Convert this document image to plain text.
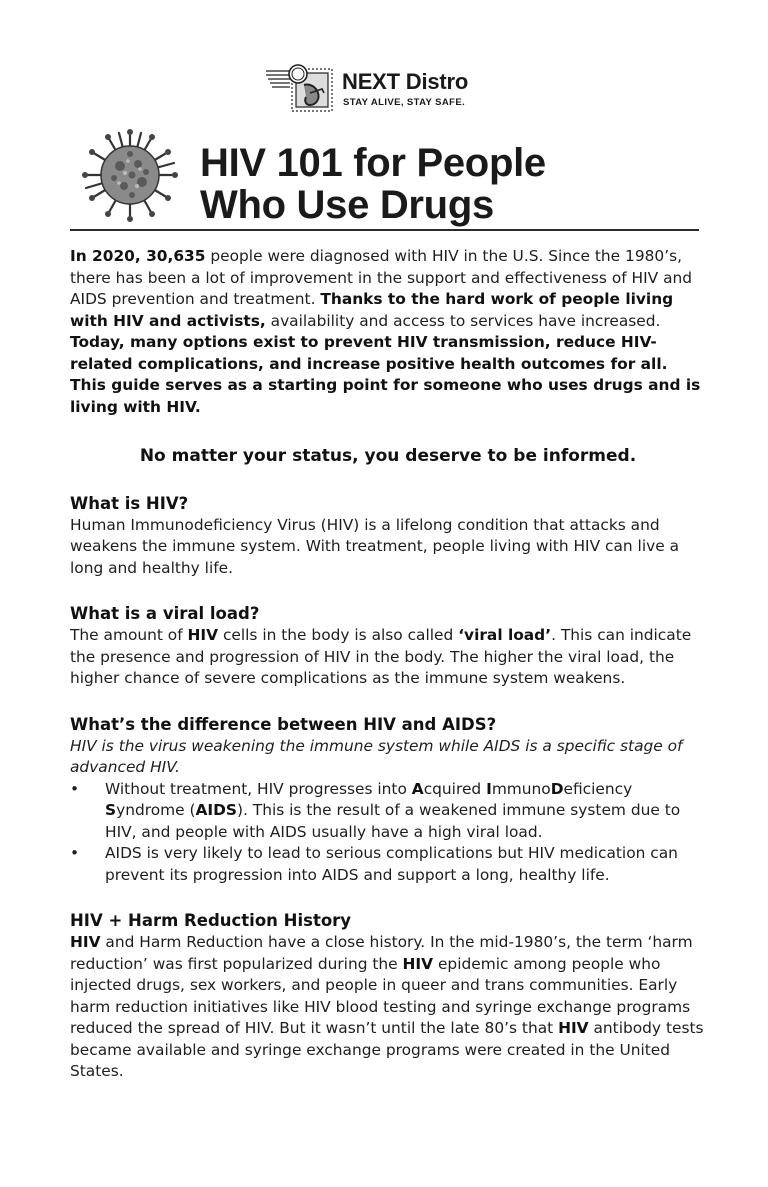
NEXT Distro
STAY ALIVE, STAY SAFE.
HIV 101 for People
Who Use Drugs

In 2020, 30,635 people were diagnosed with HIV in the U.S. Since the 1980’s, there has been a lot of improvement in the support and effectiveness of HIV and AIDS prevention and treatment. Thanks to the hard work of people living with HIV and activists, availability and access to services have increased. Today, many options exist to prevent HIV transmission, reduce HIV-related complications, and increase positive health outcomes for all. This guide serves as a starting point for someone who uses drugs and is living with HIV.

No matter your status, you deserve to be informed.

What is HIV?

Human Immunodeficiency Virus (HIV) is a lifelong condition that attacks and weakens the immune system. With treatment, people living with HIV can live a long and healthy life.

What is a viral load?

The amount of HIV cells in the body is also called ‘viral load’. This can indicate the presence and progression of HIV in the body. The higher the viral load, the higher chance of severe complications as the immune system weakens.

What’s the difference between HIV and AIDS?

HIV is the virus weakening the immune system while AIDS is a specific stage of advanced HIV.

• Without treatment, HIV progresses into Acquired ImmunoDeficiency Syndrome (AIDS). This is the result of a weakened immune system due to HIV, and people with AIDS usually have a high viral load.
• AIDS is very likely to lead to serious complications but HIV medication can prevent its progression into AIDS and support a long, healthy life.
HIV + Harm Reduction History

HIV and Harm Reduction have a close history. In the mid-1980’s, the term ‘harm reduction’ was first popularized during the HIV epidemic among people who injected drugs, sex workers, and people in queer and trans communities. Early harm reduction initiatives like HIV blood testing and syringe exchange programs reduced the spread of HIV. But it wasn’t until the late 80’s that HIV antibody tests became available and syringe exchange programs were created in the United States.
